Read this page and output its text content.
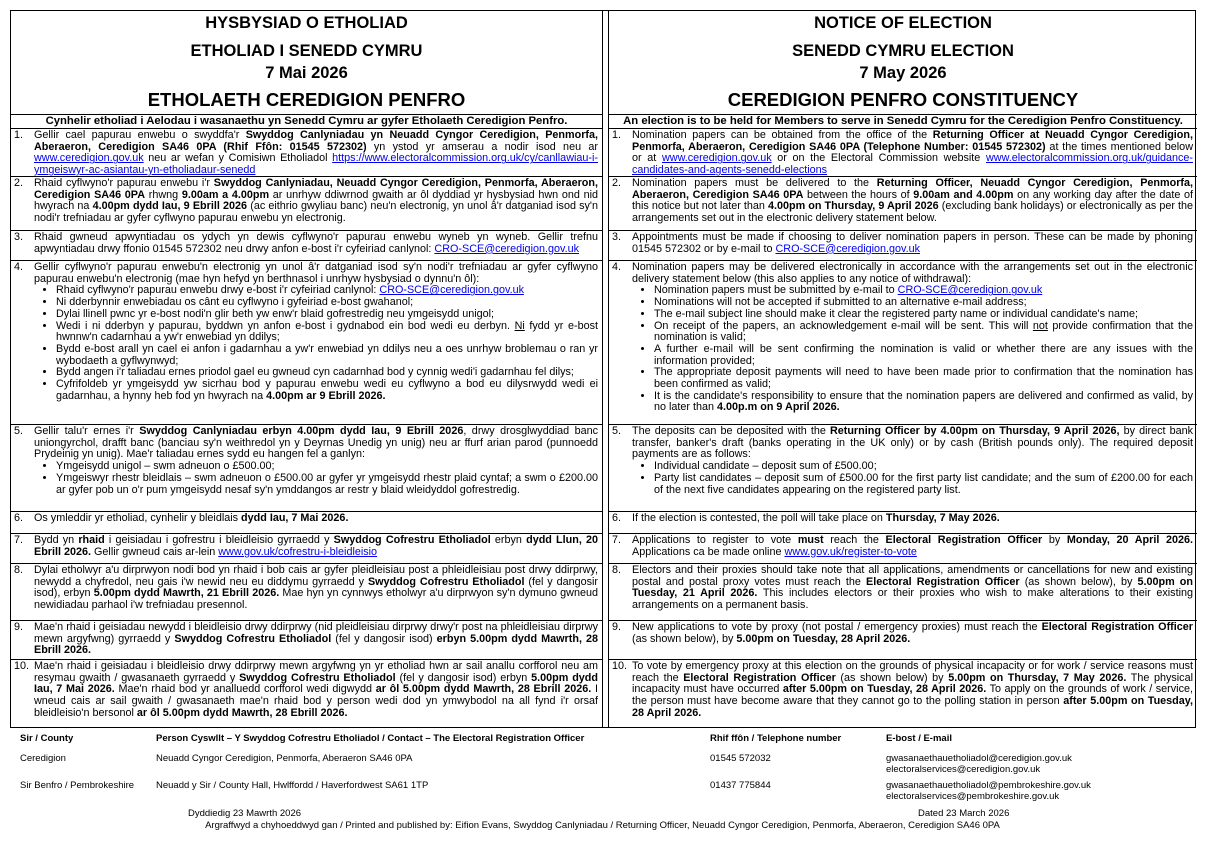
HYSBYSIAD O ETHOLIAD
ETHOLIAD I SENEDD CYMRU
7 Mai 2026
ETHOLAETH CEREDIGION PENFRO
Cynhelir etholiad i Aelodau i wasanaethu yn Senedd Cymru ar gyfer Etholaeth Ceredigion Penfro.
1. Gellir cael papurau enwebu o swyddfa'r Swyddog Canlyniadau yn Neuadd Cyngor Ceredigion, Penmorfa, Aberaeron, Ceredigion SA46 0PA (Rhif Ffôn: 01545 572302) yn ystod yr amserau a nodir isod neu ar www.ceredigion.gov.uk neu ar wefan y Comisiwn Etholiadol https://www.electoralcommission.org.uk/cy/canllawiau-i-ymgeiswyr-ac-asiantau-yn-etholiadaur-senedd
2. Rhaid cyflwyno'r papurau enwebu i'r Swyddog Canlyniadau, Neuadd Cyngor Ceredigion, Penmorfa, Aberaeron, Ceredigion SA46 0PA rhwng 9.00am a 4.00pm ar unrhyw ddiwrnod gwaith ar ôl dyddiad yr hysbysiad hwn ond nid hwyrach na 4.00pm dydd Iau, 9 Ebrill 2026 (ac eithrio gwyliau banc) neu'n electronig, yn unol â'r datganiad isod sy'n nodi'r trefniadau ar gyfer cyflwyno papurau enwebu yn electronig.
3. Rhaid gwneud apwyntiadau os ydych yn dewis cyflwyno'r papurau enwebu wyneb yn wyneb. Gellir trefnu apwyntiadau drwy ffonio 01545 572302 neu drwy anfon e-bost i'r cyfeiriad canlynol: CRO-SCE@ceredigion.gov.uk
4. Gellir cyflwyno'r papurau enwebu'n electronig yn unol â'r datganiad isod sy'n nodi'r trefniadau ar gyfer cyflwyno papurau enwebu'n electronig (mae hyn hefyd yn berthnasol i unrhyw hysbysiad o dynnu'n ôl):
• Rhaid cyflwyno'r papurau enwebu drwy e-bost i'r cyfeiriad canlynol: CRO-SCE@ceredigion.gov.uk
• Ni dderbynnir enwebiadau os cânt eu cyflwyno i gyfeiriad e-bost gwahanol;
• Dylai llinell pwnc yr e-bost nodi'n glir beth yw enw'r blaid gofrestredig neu ymgeisydd unigol;
• Wedi i ni dderbyn y papurau, byddwn yn anfon e-bost i gydnabod ein bod wedi eu derbyn. Ni fydd yr e-bost hwnnw'n cadarnhau a yw'r enwebiad yn ddilys;
• Bydd e-bost arall yn cael ei anfon i gadarnhau a yw'r enwebiad yn ddilys neu a oes unrhyw broblemau o ran yr wybodaeth a gyflwynwyd;
• Bydd angen i'r taliadau ernes priodol gael eu gwneud cyn cadarnhad bod y cynnig wedi'i gadarnhau fel dilys;
• Cyfrifoldeb yr ymgeisydd yw sicrhau bod y papurau enwebu wedi eu cyflwyno a bod eu dilysrwydd wedi ei gadarnhau, a hynny heb fod yn hwyrach na 4.00pm ar 9 Ebrill 2026.
5. Gellir talu'r ernes i'r Swyddog Canlyniadau erbyn 4.00pm dydd Iau, 9 Ebrill 2026, drwy drosglwyddiad banc uniongyrchol, drafft banc (banciau sy'n weithredol yn y Deyrnas Unedig yn unig) neu ar ffurf arian parod (punnoedd Prydeinig yn unig). Mae'r taliadau ernes sydd eu hangen fel a ganlyn:
• Ymgeisydd unigol – swm adneuon o £500.00;
• Ymgeiswyr rhestr bleidlais – swm adneuon o £500.00 ar gyfer yr ymgeisydd rhestr plaid cyntaf; a swm o £200.00 ar gyfer pob un o'r pum ymgeisydd nesaf sy'n ymddangos ar restr y blaid wleidyddol gofrestredig.
6. Os ymleddir yr etholiad, cynhelir y bleidlais dydd Iau, 7 Mai 2026.
7. Bydd yn rhaid i geisiadau i gofrestru i bleidleisio gyrraedd y Swyddog Cofrestru Etholiadol erbyn dydd Llun, 20 Ebrill 2026. Gellir gwneud cais ar-lein www.gov.uk/cofrestru-i-bleidleisio
8. Dylai etholwyr a'u dirprwyon nodi bod yn rhaid i bob cais ar gyfer pleidleisiau post a phleidleisiau post drwy ddirprwy, newydd a chyfredol, neu gais i'w newid neu eu diddymu gyrraedd y Swyddog Cofrestru Etholiadol (fel y dangosir isod), erbyn 5.00pm dydd Mawrth, 21 Ebrill 2026. Mae hyn yn cynnwys etholwyr a'u dirprwyon sy'n dymuno gwneud newidiadau parhaol i'w trefniadau presennol.
9. Mae'n rhaid i geisiadau newydd i bleidleisio drwy ddirprwy (nid pleidleisiau dirprwy drwy'r post na phleidleisiau dirprwy mewn argyfwng) gyrraedd y Swyddog Cofrestru Etholiadol (fel y dangosir isod) erbyn 5.00pm dydd Mawrth, 28 Ebrill 2026.
10. Mae'n rhaid i geisiadau i bleidleisio drwy ddirprwy mewn argyfwng yn yr etholiad hwn ar sail anallu corfforol neu am resymau gwaith / gwasanaeth gyrraedd y Swyddog Cofrestru Etholiadol (fel y dangosir isod) erbyn 5.00pm dydd Iau, 7 Mai 2026. Mae'n rhaid bod yr analluedd corfforol wedi digwydd ar ôl 5.00pm dydd Mawrth, 28 Ebrill 2026. I wneud cais ar sail gwaith / gwasanaeth mae'n rhaid bod y person wedi dod yn ymwybodol na all fynd i'r orsaf bleidleisio'n bersonol ar ôl 5.00pm dydd Mawrth, 28 Ebrill 2026.
NOTICE OF ELECTION
SENEDD CYMRU ELECTION
7 May 2026
CEREDIGION PENFRO CONSTITUENCY
An election is to be held for Members to serve in Senedd Cymru for the Ceredigion Penfro Constituency.
1. Nomination papers can be obtained from the office of the Returning Officer at Neuadd Cyngor Ceredigion, Penmorfa, Aberaeron, Ceredigion SA46 0PA (Telephone Number: 01545 572302) at the times mentioned below or at www.ceredigion.gov.uk or on the Electoral Commission website www.electoralcommission.org.uk/guidance-candidates-and-agents-senedd-elections
2. Nomination papers must be delivered to the Returning Officer, Neuadd Cyngor Ceredigion, Penmorfa, Aberaeron, Ceredigion SA46 0PA between the hours of 9.00am and 4.00pm on any working day after the date of this notice but not later than 4.00pm on Thursday, 9 April 2026 (excluding bank holidays) or electronically as per the arrangements set out in the electronic delivery statement below.
3. Appointments must be made if choosing to deliver nomination papers in person. These can be made by phoning 01545 572302 or by e-mail to CRO-SCE@ceredigion.gov.uk
4. Nomination papers may be delivered electronically in accordance with the arrangements set out in the electronic delivery statement below (this also applies to any notice of withdrawal):
• Nomination papers must be submitted by e-mail to CRO-SCE@ceredigion.gov.uk
• Nominations will not be accepted if submitted to an alternative e-mail address;
• The e-mail subject line should make it clear the registered party name or individual candidate's name;
• On receipt of the papers, an acknowledgement e-mail will be sent. This will not provide confirmation that the nomination is valid;
• A further e-mail will be sent confirming the nomination is valid or whether there are any issues with the information provided;
• The appropriate deposit payments will need to have been made prior to confirmation that the nomination has been confirmed as valid;
• It is the candidate's responsibility to ensure that the nomination papers are delivered and confirmed as valid, by no later than 4.00p.m on 9 April 2026.
5. The deposits can be deposited with the Returning Officer by 4.00pm on Thursday, 9 April 2026, by direct bank transfer, banker's draft (banks operating in the UK only) or by cash (British pounds only). The required deposit payments are as follows:
• Individual candidate – deposit sum of £500.00;
• Party list candidates – deposit sum of £500.00 for the first party list candidate; and the sum of £200.00 for each of the next five candidates appearing on the registered party list.
6. If the election is contested, the poll will take place on Thursday, 7 May 2026.
7. Applications to register to vote must reach the Electoral Registration Officer by Monday, 20 April 2026. Applications ca be made online www.gov.uk/register-to-vote
8. Electors and their proxies should take note that all applications, amendments or cancellations for new and existing postal and postal proxy votes must reach the Electoral Registration Officer (as shown below), by 5.00pm on Tuesday, 21 April 2026. This includes electors or their proxies who wish to make alterations to their existing arrangements on a permanent basis.
9. New applications to vote by proxy (not postal / emergency proxies) must reach the Electoral Registration Officer (as shown below), by 5.00pm on Tuesday, 28 April 2026.
10. To vote by emergency proxy at this election on the grounds of physical incapacity or for work / service reasons must reach the Electoral Registration Officer (as shown below) by 5.00pm on Thursday, 7 May 2026. The physical incapacity must have occurred after 5.00pm on Tuesday, 28 April 2026. To apply on the grounds of work / service, the person must have become aware that they cannot go to the polling station in person after 5.00pm on Tuesday, 28 April 2026.
Sir / County	Person Cyswllt – Y Swyddog Cofrestru Etholiadol / Contact – The Electoral Registration Officer	Rhif ffôn / Telephone number	E-bost / E-mail
Ceredigion	Neuadd Cyngor Ceredigion, Penmorfa, Aberaeron SA46 0PA	01545 572032	gwasanaethauetholiadol@ceredigion.gov.uk
electoralservices@ceredigion.gov.uk
Sir Benfro / Pembrokeshire Neuadd y Sir / County Hall, Hwlffordd / Haverfordwest SA61 1TP	01437 775844	gwasanaethauetholiadol@pembrokeshire.gov.uk
electoralservices@pembrokeshire.gov.uk
Dyddiedig 23 Mawrth 2026	Dated 23 March 2026
Argraffwyd a chyhoeddwyd gan / Printed and published by: Eifion Evans, Swyddog Canlyniadau / Returning Officer, Neuadd Cyngor Ceredigion, Penmorfa, Aberaeron, Ceredigion SA46 0PA
